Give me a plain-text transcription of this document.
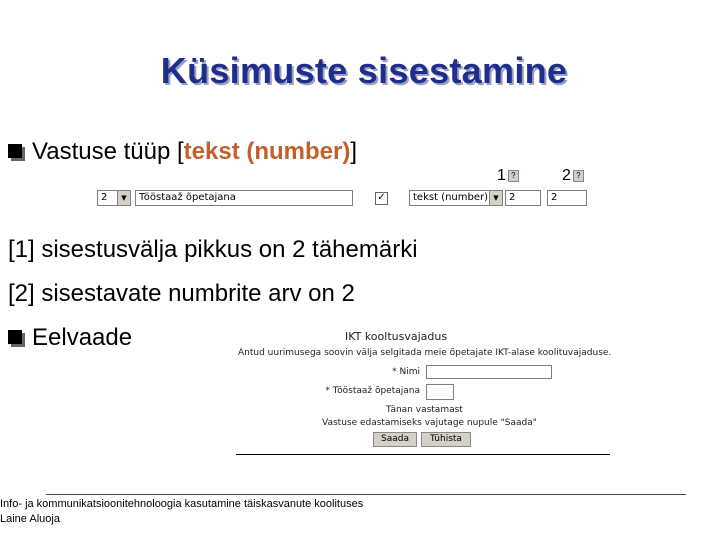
Küsimuste sisestamine
Vastuse tüüp [tekst (number)]
1 ?	2 ?
2	▼	Tööstaaž õpetajana	✓	tekst (number) ▼	2	2
[1] sisestusvälja pikkus on 2 tähemärki
[2] sisestavate numbrite arv on 2
Eelvaade	IKT kooltusvajadus
Antud uurimusega soovin välja selgitada meie õpetajate IKT-alase koolituvajaduse.
* Nimi
* Tööstaaž õpetajana
Tänan vastamast
Vastuse edastamiseks vajutage nupule "Saada"
Saada	Tühista
Info- ja kommunikatsioonitehnoloogia kasutamine täiskasvanute koolituses
Laine Aluoja
